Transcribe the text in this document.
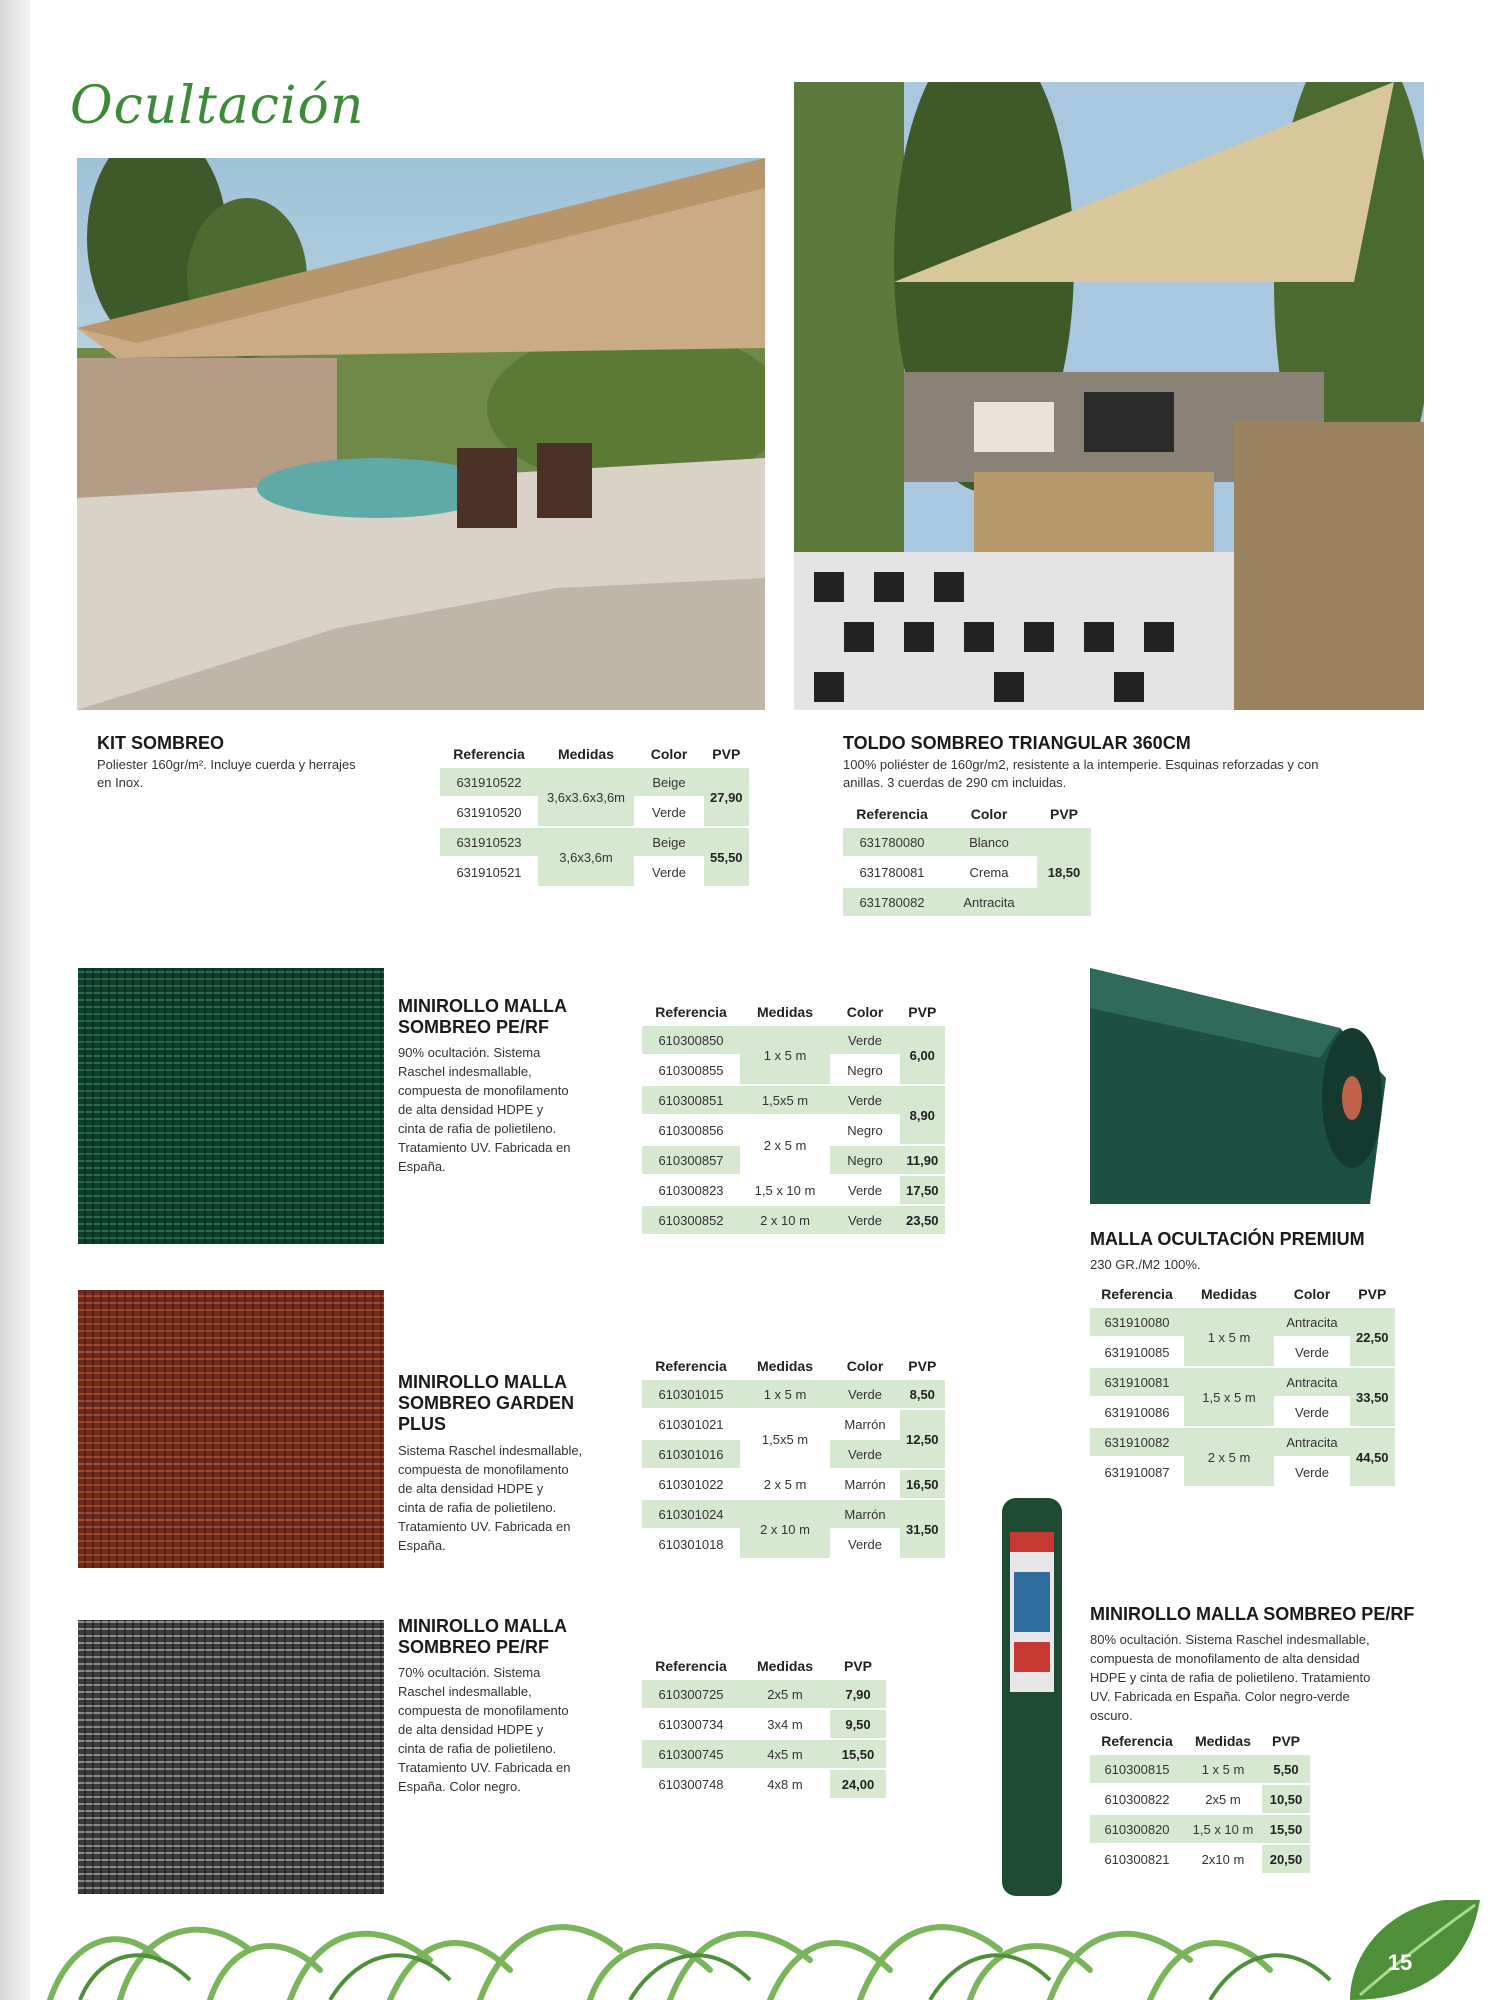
Ocultación
KIT SOMBREO
Poliester 160gr/m². Incluye cuerda y herrajes
en Inox.
Referencia	Medidas	Color	PVP
631910522	3,6x3.6x3,6m	Beige	27,90
631910520		Verde	
631910523	3,6x3,6m	Beige	55,50
631910521		Verde	
TOLDO SOMBREO TRIANGULAR 360CM
100% poliéster de 160gr/m2, resistente a la intemperie. Esquinas reforzadas y con
anillas. 3 cuerdas de 290 cm incluidas.
Referencia	Color	PVP
631780080	Blanco	18,50
631780081	Crema	
631780082	Antracita	
MINIROLLO MALLA
SOMBREO PE/RF
90% ocultación. Sistema
Raschel indesmallable,
compuesta de monofilamento
de alta densidad HDPE y
cinta de rafia de polietileno.
Tratamiento UV. Fabricada en
España.
Referencia	Medidas	Color	PVP
610300850	1 x 5 m	Verde	6,00
610300855		Negro	
610300851	1,5x5 m	Verde	8,90
610300856	2 x 5 m	Negro	
610300857		Negro	11,90
610300823	1,5 x 10 m	Verde	17,50
610300852	2 x 10 m	Verde	23,50
MALLA OCULTACIÓN PREMIUM
230 GR./M2 100%.
Referencia	Medidas	Color	PVP
631910080	1 x 5 m	Antracita	22,50
631910085		Verde	
631910081	1,5 x 5 m	Antracita	33,50
631910086		Verde	
631910082	2 x 5 m	Antracita	44,50
631910087		Verde	
MINIROLLO MALLA
SOMBREO GARDEN
PLUS
Sistema Raschel indesmallable,
compuesta de monofilamento
de alta densidad HDPE y
cinta de rafia de polietileno.
Tratamiento UV. Fabricada en
España.
Referencia	Medidas	Color	PVP
610301015	1 x 5 m	Verde	8,50
610301021	1,5x5 m	Marrón	12,50
610301016		Verde	
610301022	2 x 5 m	Marrón	16,50
610301024	2 x 10 m	Marrón	31,50
610301018		Verde	
MINIROLLO MALLA
SOMBREO PE/RF
70% ocultación. Sistema
Raschel indesmallable,
compuesta de monofilamento
de alta densidad HDPE y
cinta de rafia de polietileno.
Tratamiento UV. Fabricada en
España. Color negro.
Referencia	Medidas	PVP
610300725	2x5 m	7,90
610300734	3x4 m	9,50
610300745	4x5 m	15,50
610300748	4x8 m	24,00
MINIROLLO MALLA SOMBREO PE/RF
80% ocultación. Sistema Raschel indesmallable,
compuesta de monofilamento de alta densidad
HDPE y cinta de rafia de polietileno. Tratamiento
UV. Fabricada en España. Color negro-verde
oscuro.
Referencia	Medidas	PVP
610300815	1 x 5 m	5,50
610300822	2x5 m	10,50
610300820	1,5 x 10 m	15,50
610300821	2x10 m	20,50
15
